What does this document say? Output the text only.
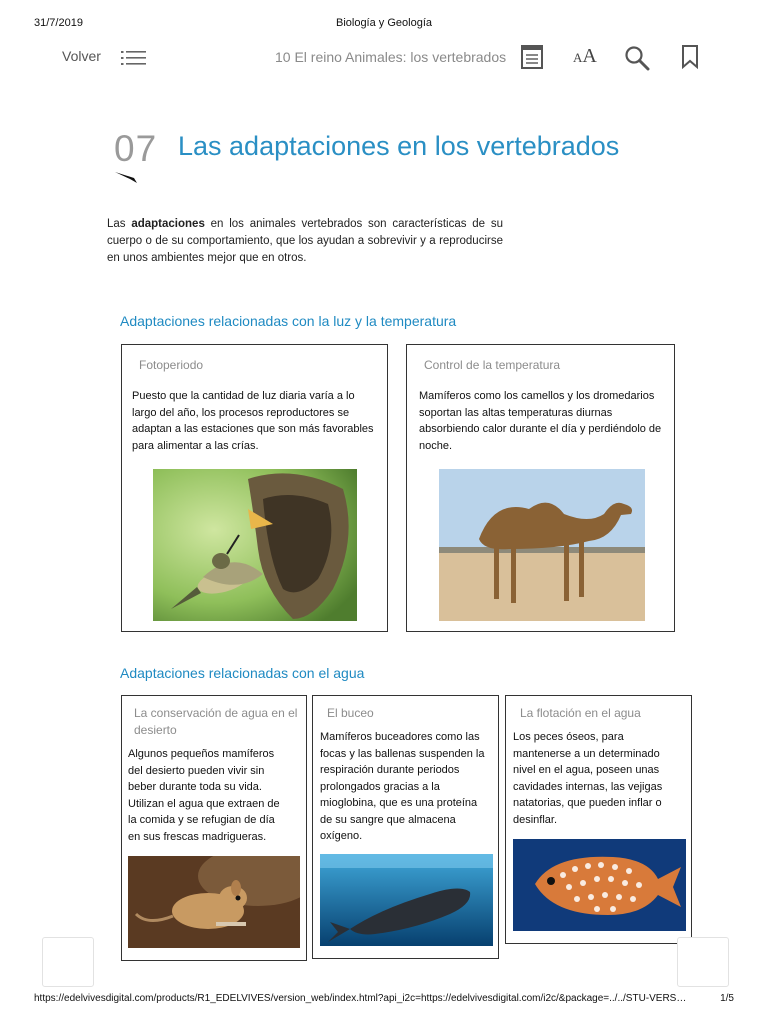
31/7/2019	Biología y Geología
Volver	10 El reino Animales: los vertebrados	AA
07 Las adaptaciones en los vertebrados
Las adaptaciones en los animales vertebrados son características de su cuerpo o de su comportamiento, que los ayudan a sobrevivir y a reproducirse en unos ambientes mejor que en otros.
Adaptaciones relacionadas con la luz y la temperatura
Fotoperiodo
Puesto que la cantidad de luz diaria varía a lo largo del año, los procesos reproductores se adaptan a las estaciones que son más favorables para alimentar a las crías.
Control de la temperatura
Mamíferos como los camellos y los dromedarios soportan las altas temperaturas diurnas absorbiendo calor durante el día y perdiéndolo de noche.
Adaptaciones relacionadas con el agua
La conservación de agua en el desierto
Algunos pequeños mamíferos del desierto pueden vivir sin beber durante toda su vida. Utilizan el agua que extraen de la comida y se refugian de día en sus frescas madrigueras.
El buceo
Mamíferos buceadores como las focas y las ballenas suspenden la respiración durante periodos prolongados gracias a la mioglobina, que es una proteína de su sangre que almacena oxígeno.
La flotación en el agua
Los peces óseos, para mantenerse a un determinado nivel en el agua, poseen unas cavidades internas, las vejigas natatorias, que pueden inflar o desinflar.
https://edelvivesdigital.com/products/R1_EDELVIVES/version_web/index.html?api_i2c=https://edelvivesdigital.com/i2c/&package=../../STU-VERS…	1/5
